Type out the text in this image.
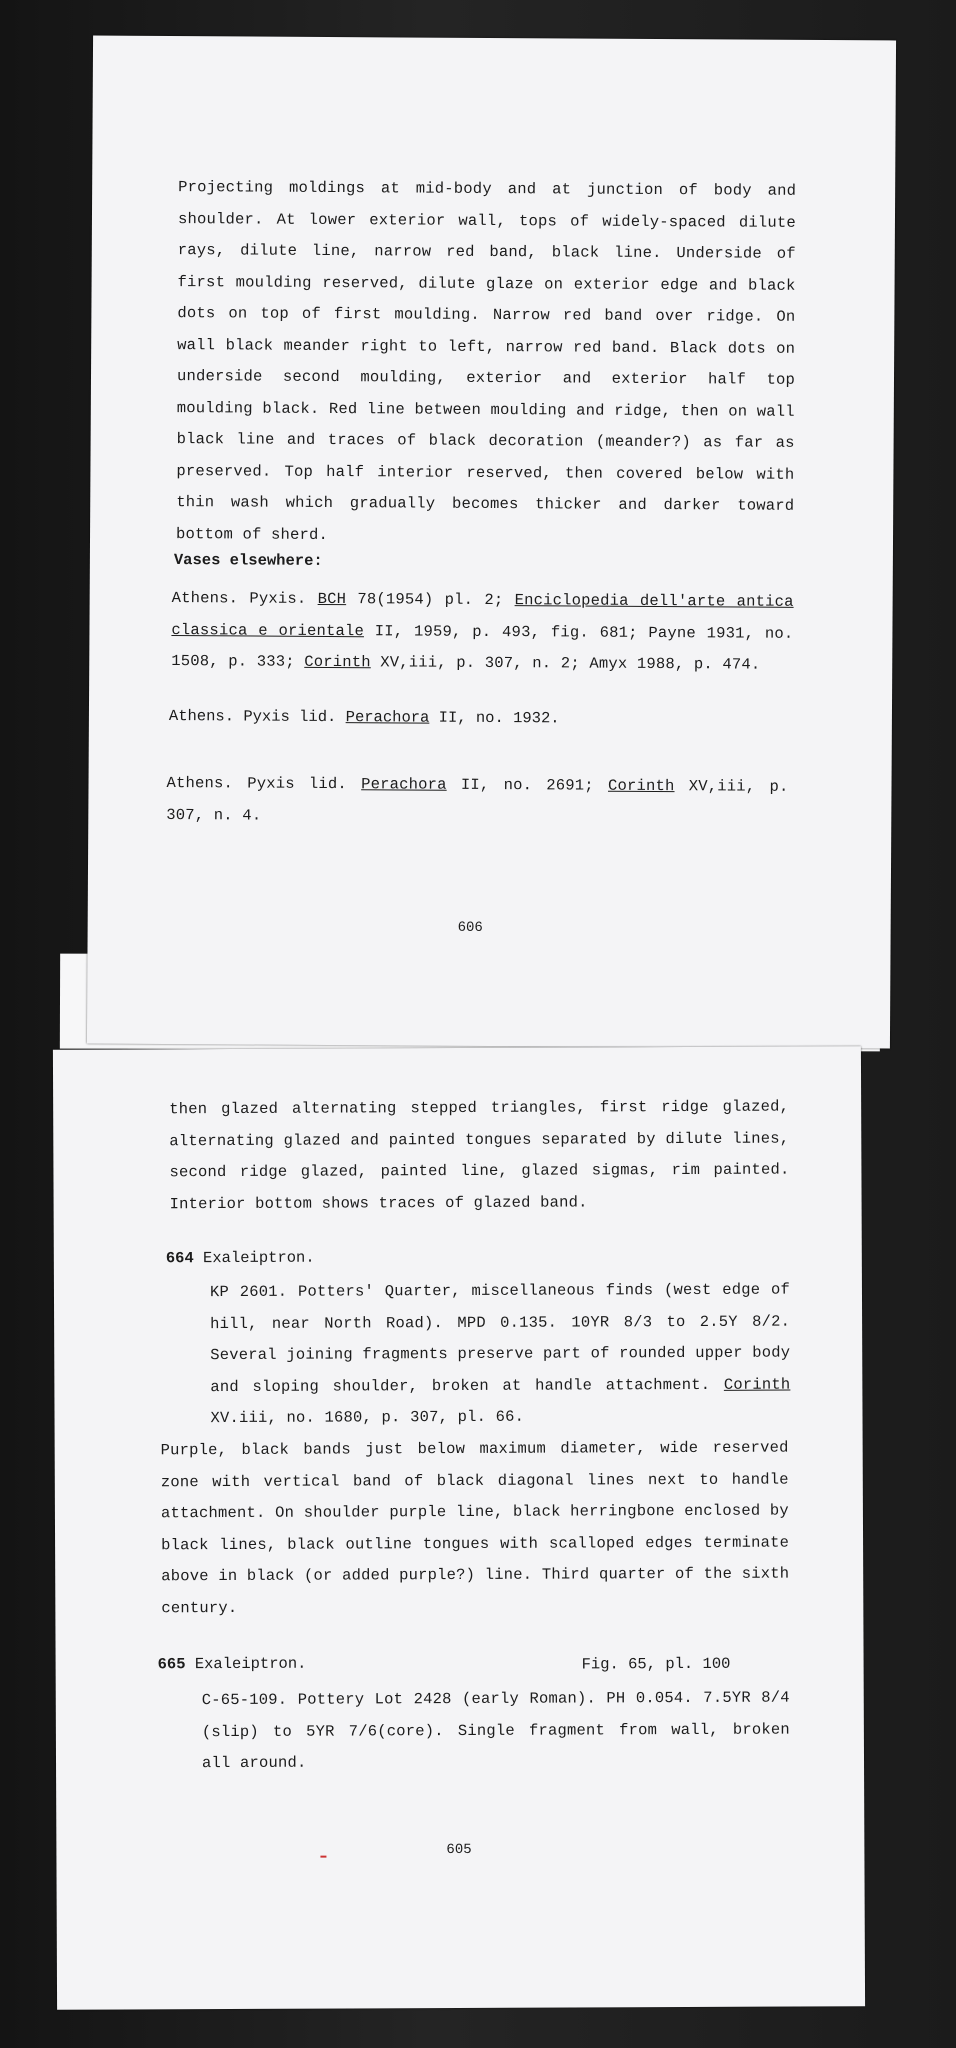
Projecting moldings at mid-body and at junction of body and shoulder. At lower exterior wall, tops of widely-spaced dilute rays, dilute line, narrow red band, black line. Underside of first moulding reserved, dilute glaze on exterior edge and black dots on top of first moulding. Narrow red band over ridge. On wall black meander right to left, narrow red band. Black dots on underside second moulding, exterior and exterior half top moulding black. Red line between moulding and ridge, then on wall black line and traces of black decoration (meander?) as far as preserved. Top half interior reserved, then covered below with thin wash which gradually becomes thicker and darker toward bottom of sherd.

Vases elsewhere:

Athens. Pyxis. BCH 78(1954) pl. 2; Enciclopedia dell'arte antica classica e orientale II, 1959, p. 493, fig. 681; Payne 1931, no. 1508, p. 333; Corinth XV,iii, p. 307, n. 2; Amyx 1988, p. 474.

Athens. Pyxis lid. Perachora II, no. 1932.

Athens. Pyxis lid. Perachora II, no. 2691; Corinth XV,iii, p. 307, n. 4.

606

then glazed alternating stepped triangles, first ridge glazed, alternating glazed and painted tongues separated by dilute lines, second ridge glazed, painted line, glazed sigmas, rim painted. Interior bottom shows traces of glazed band.

664 Exaleiptron.

KP 2601. Potters' Quarter, miscellaneous finds (west edge of hill, near North Road). MPD 0.135. 10YR 8/3 to 2.5Y 8/2. Several joining fragments preserve part of rounded upper body and sloping shoulder, broken at handle attachment. Corinth XV.iii, no. 1680, p. 307, pl. 66.

Purple, black bands just below maximum diameter, wide reserved zone with vertical band of black diagonal lines next to handle attachment. On shoulder purple line, black herringbone enclosed by black lines, black outline tongues with scalloped edges terminate above in black (or added purple?) line. Third quarter of the sixth century.

665 Exaleiptron.	Fig. 65, pl. 100

C-65-109. Pottery Lot 2428 (early Roman). PH 0.054. 7.5YR 8/4 (slip) to 5YR 7/6(core). Single fragment from wall, broken all around.

605
